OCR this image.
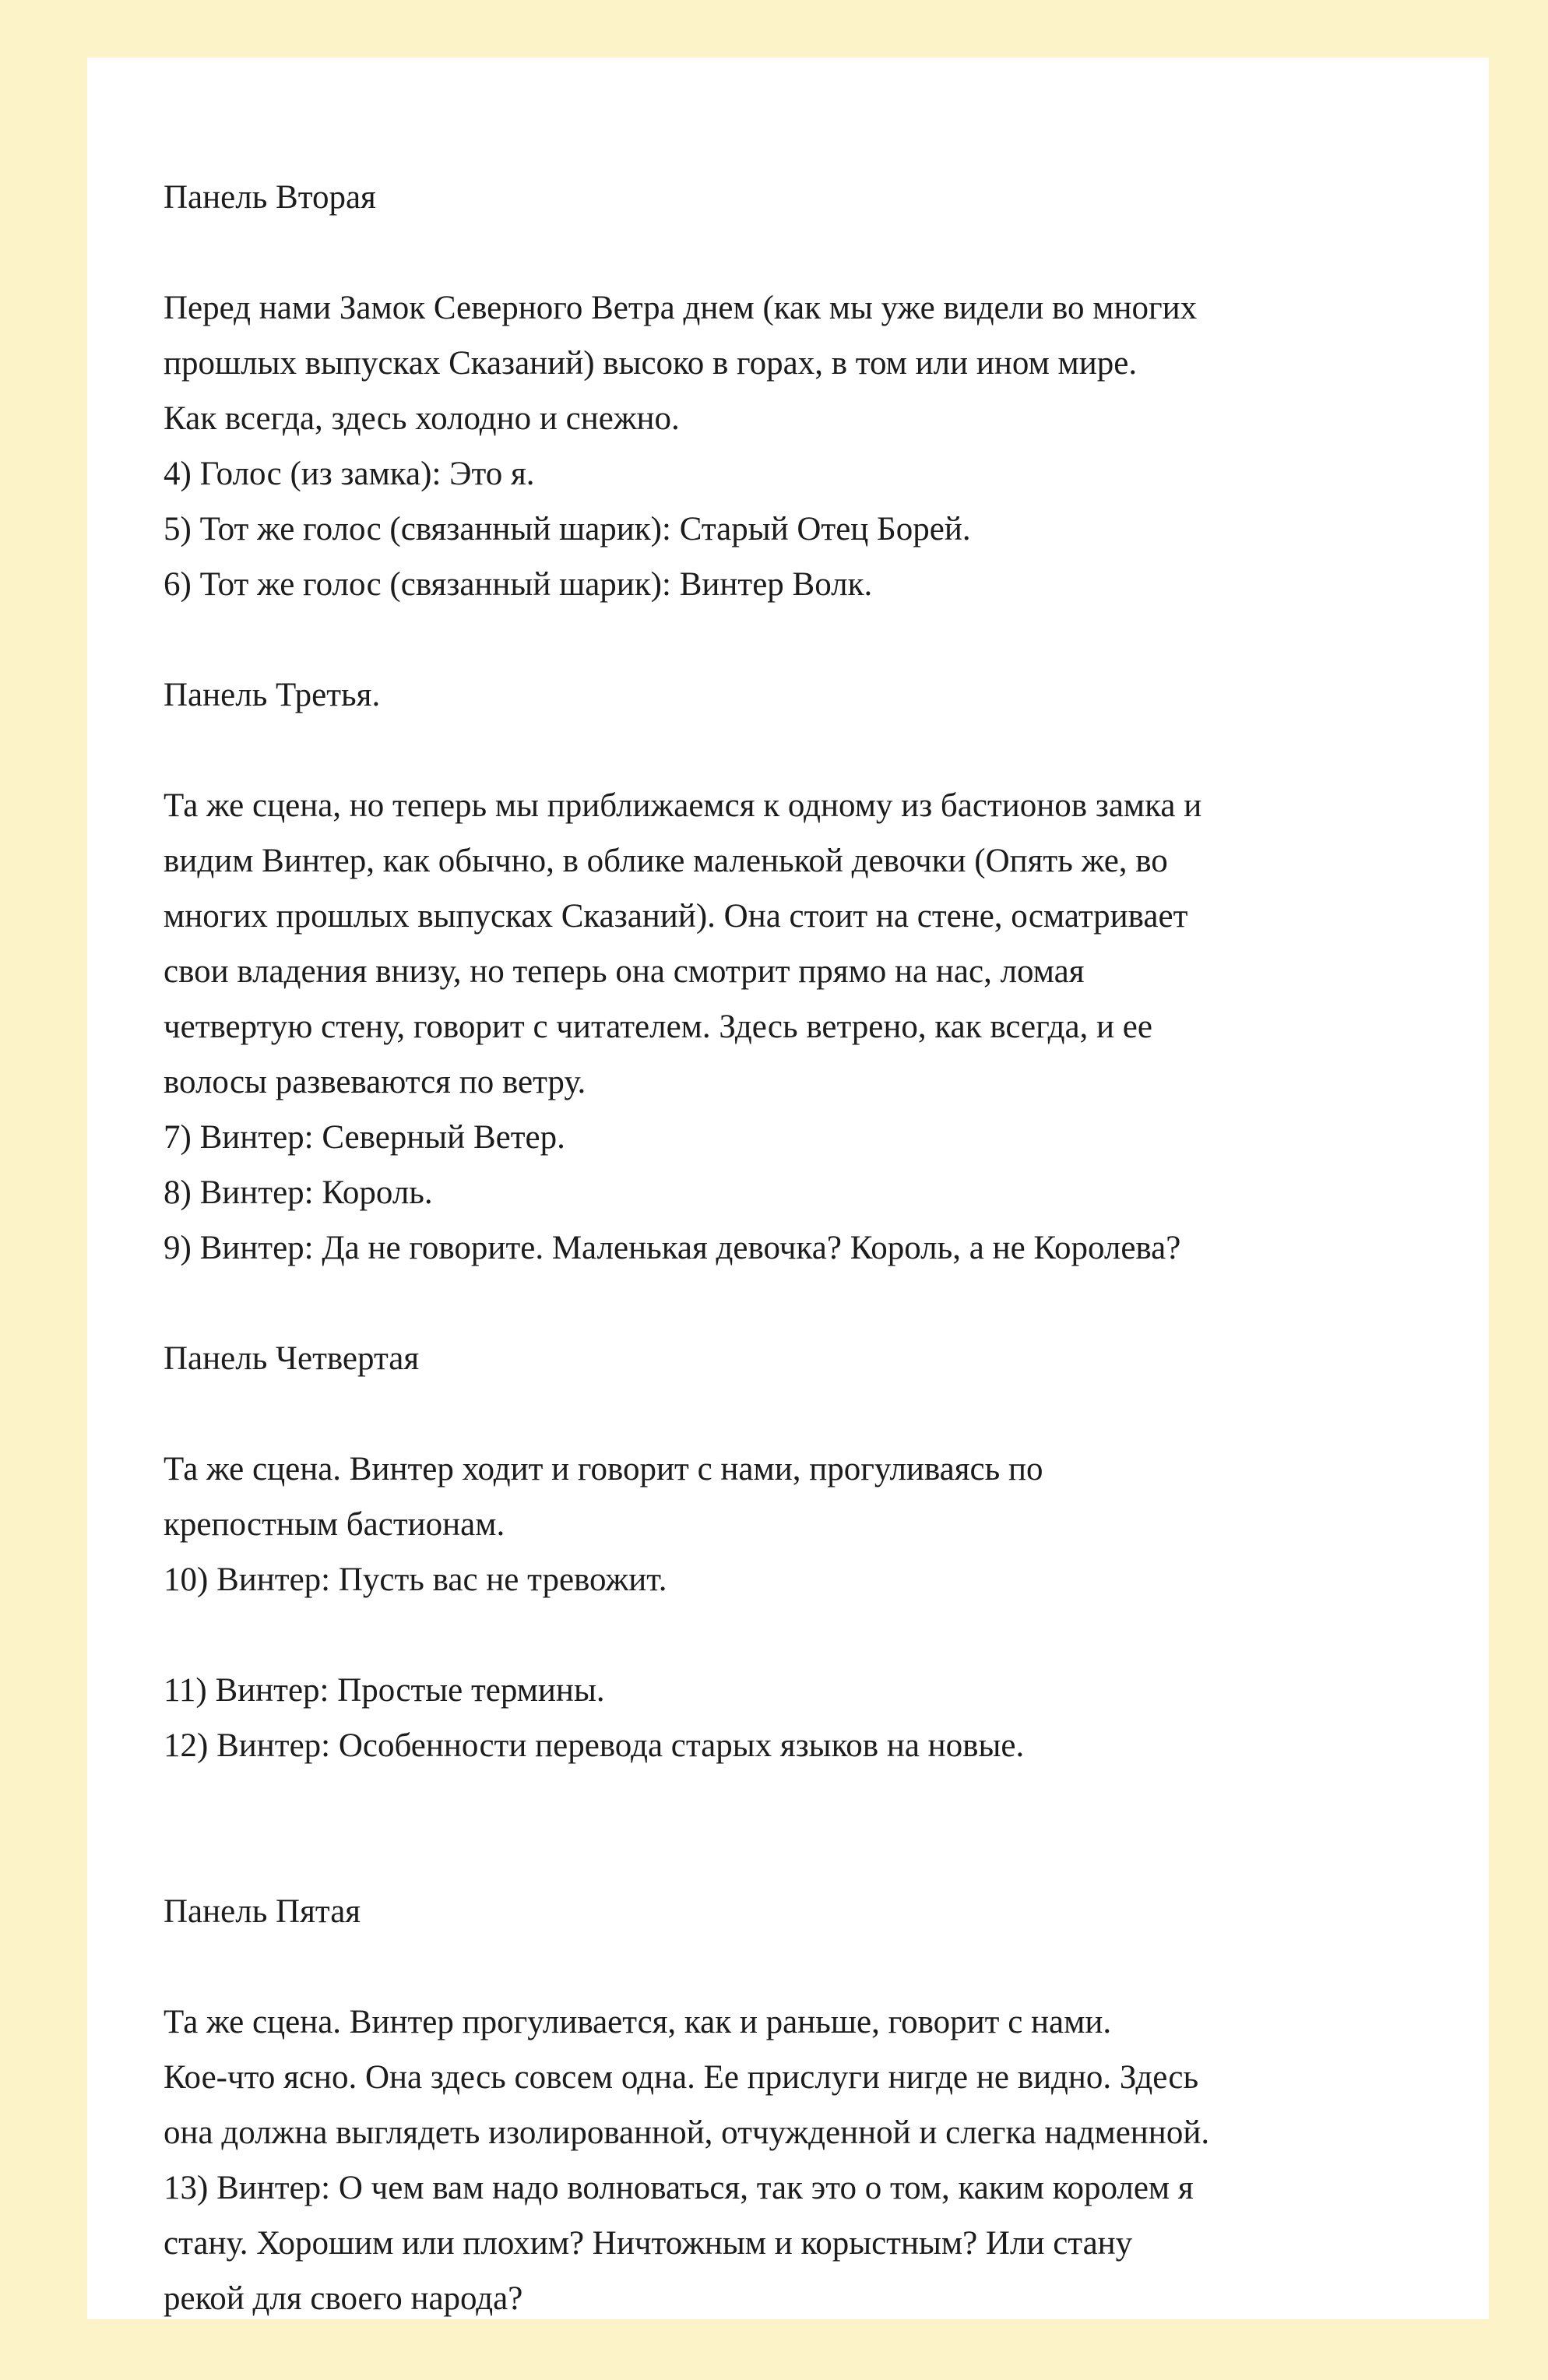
Панель Вторая

Перед нами Замок Северного Ветра днем (как мы уже видели во многих

прошлых выпусках Сказаний) высоко в горах, в том или ином мире.

Как всегда, здесь холодно и снежно.

4) Голос (из замка): Это я.

5) Тот же голос (связанный шарик): Старый Отец Борей.

6) Тот же голос (связанный шарик): Винтер Волк.

Панель Третья.

Та же сцена, но теперь мы приближаемся к одному из бастионов замка и

видим Винтер, как обычно, в облике маленькой девочки (Опять же, во

многих прошлых выпусках Сказаний). Она стоит на стене, осматривает

свои владения внизу, но теперь она смотрит прямо на нас, ломая

четвертую стену, говорит с читателем. Здесь ветрено, как всегда, и ее

волосы развеваются по ветру.

7) Винтер: Северный Ветер.

8) Винтер: Король.

9) Винтер: Да не говорите. Маленькая девочка? Король, а не Королева?

Панель Четвертая

Та же сцена. Винтер ходит и говорит с нами, прогуливаясь по

крепостным бастионам.

10) Винтер: Пусть вас не тревожит.

11) Винтер: Простые термины.

12) Винтер: Особенности перевода старых языков на новые.

Панель Пятая

Та же сцена. Винтер прогуливается, как и раньше, говорит с нами.

Кое-что ясно. Она здесь совсем одна. Ее прислуги нигде не видно. Здесь

она должна выглядеть изолированной, отчужденной и слегка надменной.

13) Винтер: О чем вам надо волноваться, так это о том, каким королем я

стану. Хорошим или плохим? Ничтожным и корыстным? Или стану

рекой для своего народа?
